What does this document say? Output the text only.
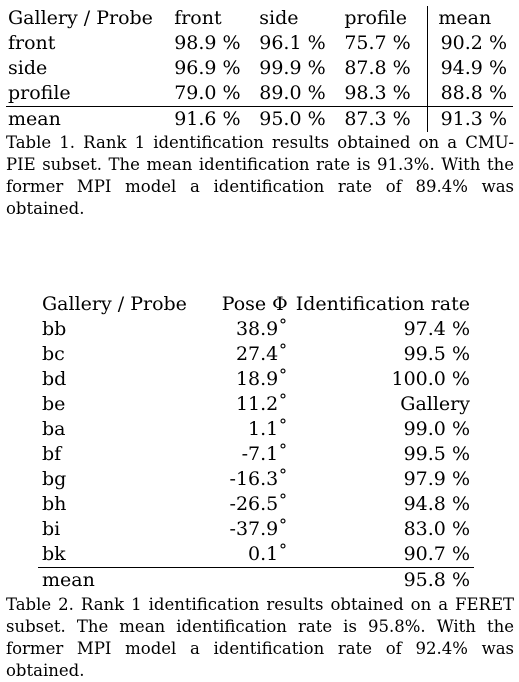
Gallery / Probe	front	side	profile	mean
front	98.9 %	96.1 %	75.7 %	90.2 %
side	96.9 %	99.9 %	87.8 %	94.9 %
profile	79.0 %	89.0 %	98.3 %	88.8 %
mean	91.6 %	95.0 %	87.3 %	91.3 %
Table 1. Rank 1 identification results obtained on a CMU-PIE subset. The mean identification rate is 91.3%. With the former MPI model a identification rate of 89.4% was obtained.
Gallery / Probe	Pose Φ	Identification rate
bb	38.9˚	97.4 %
bc	27.4˚	99.5 %
bd	18.9˚	100.0 %
be	11.2˚	Gallery
ba	1.1˚	99.0 %
bf	-7.1˚	99.5 %
bg	-16.3˚	97.9 %
bh	-26.5˚	94.8 %
bi	-37.9˚	83.0 %
bk	0.1˚	90.7 %
mean		95.8 %
Table 2. Rank 1 identification results obtained on a FERET subset. The mean identification rate is 95.8%. With the former MPI model a identification rate of 92.4% was obtained.
